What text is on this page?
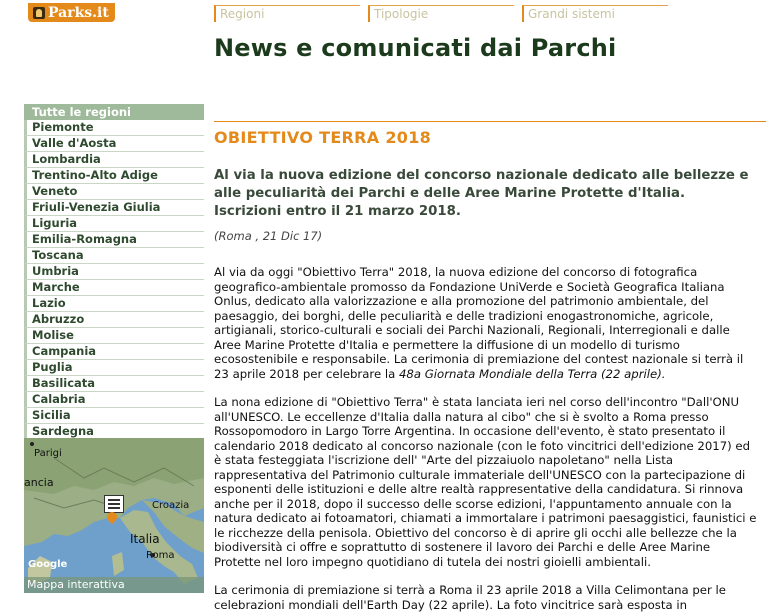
Parks.it	Regioni	Tipologie	Grandi sistemi
News e comunicati dai Parchi
Tutte le regioni
Piemonte
Valle d'Aosta
Lombardia
Trentino-Alto Adige
Veneto
Friuli-Venezia Giulia
Liguria
Emilia-Romagna
Toscana
Umbria
Marche
Lazio
Abruzzo
Molise
Campania
Puglia
Basilicata
Calabria
Sicilia
Sardegna
Parigi
ancia
Italia
Croazia
Roma
Google
Mappa interattiva
OBIETTIVO TERRA 2018

Al via la nuova edizione del concorso nazionale dedicato alle bellezze e alle peculiarità dei Parchi e delle Aree Marine Protette d'Italia. Iscrizioni entro il 21 marzo 2018.

(Roma , 21 Dic 17)

Al via da oggi "Obiettivo Terra" 2018, la nuova edizione del concorso di fotografica geografico-ambientale promosso da Fondazione UniVerde e Società Geografica Italiana Onlus, dedicato alla valorizzazione e alla promozione del patrimonio ambientale, del paesaggio, dei borghi, delle peculiarità e delle tradizioni enogastronomiche, agricole, artigianali, storico-culturali e sociali dei Parchi Nazionali, Regionali, Interregionali e dalle Aree Marine Protette d'Italia e permettere la diffusione di un modello di turismo ecosostenibile e responsabile. La cerimonia di premiazione del contest nazionale si terrà il 23 aprile 2018 per celebrare la 48a Giornata Mondiale della Terra (22 aprile).

La nona edizione di "Obiettivo Terra" è stata lanciata ieri nel corso dell'incontro "Dall'ONU all'UNESCO. Le eccellenze d'Italia dalla natura al cibo" che si è svolto a Roma presso Rossopomodoro in Largo Torre Argentina. In occasione dell'evento, è stato presentato il calendario 2018 dedicato al concorso nazionale (con le foto vincitrici dell'edizione 2017) ed è stata festeggiata l'iscrizione dell' "Arte del pizzaiuolo napoletano" nella Lista rappresentativa del Patrimonio culturale immateriale dell'UNESCO con la partecipazione di esponenti delle istituzioni e delle altre realtà rappresentative della candidatura. Si rinnova anche per il 2018, dopo il successo delle scorse edizioni, l'appuntamento annuale con la natura dedicato ai fotoamatori, chiamati a immortalare i patrimoni paesaggistici, faunistici e le ricchezze della penisola. Obiettivo del concorso è di aprire gli occhi alle bellezze che la biodiversità ci offre e soprattutto di sostenere il lavoro dei Parchi e delle Aree Marine Protette nel loro impegno quotidiano di tutela dei nostri gioielli ambientali.

La cerimonia di premiazione si terrà a Roma il 23 aprile 2018 a Villa Celimontana per le celebrazioni mondiali dell'Earth Day (22 aprile). La foto vincitrice sarà esposta in
